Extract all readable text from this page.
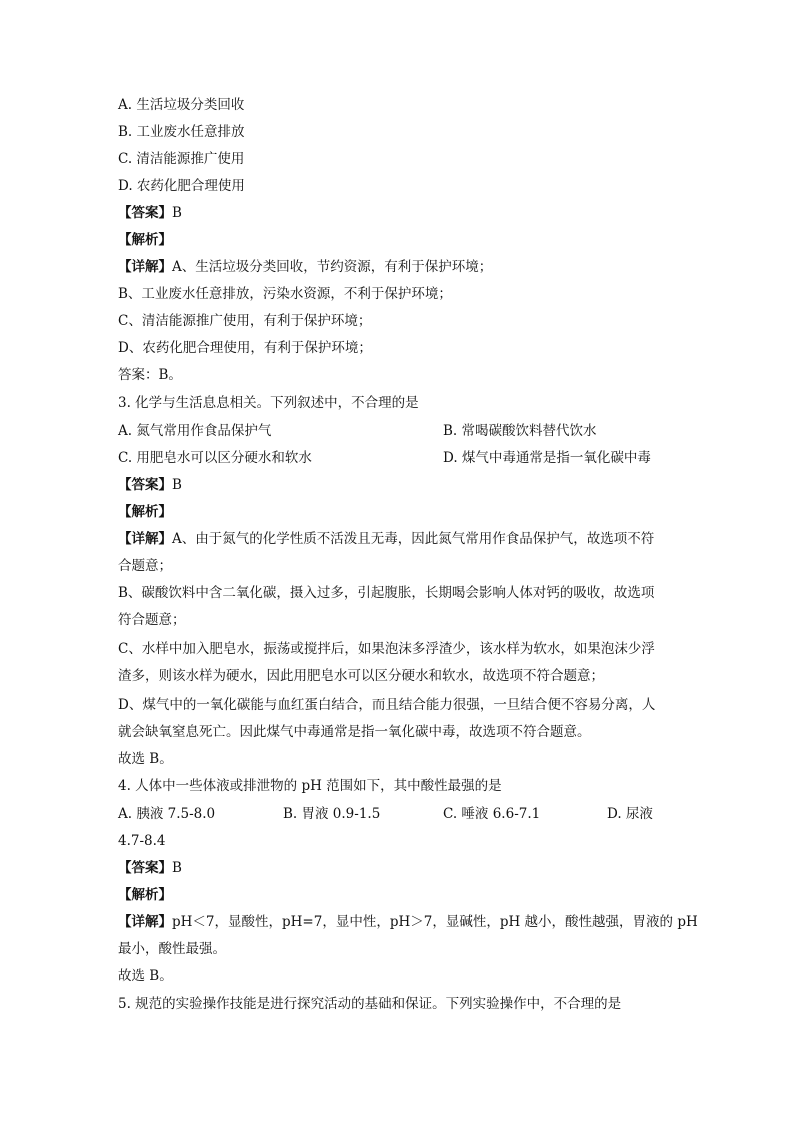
A. 生活垃圾分类回收
B. 工业废水任意排放
C. 清洁能源推广使用
D. 农药化肥合理使用
【答案】B
【解析】
【详解】A、生活垃圾分类回收，节约资源，有利于保护环境；
B、工业废水任意排放，污染水资源，不利于保护环境；
C、清洁能源推广使用，有利于保护环境；
D、农药化肥合理使用，有利于保护环境；
答案：B。
3. 化学与生活息息相关。下列叙述中，不合理的是
A. 氮气常用作食品保护气	B. 常喝碳酸饮料替代饮水
C. 用肥皂水可以区分硬水和软水	D. 煤气中毒通常是指一氧化碳中毒
【答案】B
【解析】
【详解】A、由于氮气的化学性质不活泼且无毒，因此氮气常用作食品保护气，故选项不符
合题意；
B、碳酸饮料中含二氧化碳，摄入过多，引起腹胀，长期喝会影响人体对钙的吸收，故选项
符合题意；
C、水样中加入肥皂水，振荡或搅拌后，如果泡沫多浮渣少，该水样为软水，如果泡沫少浮
渣多，则该水样为硬水，因此用肥皂水可以区分硬水和软水，故选项不符合题意；
D、煤气中的一氧化碳能与血红蛋白结合，而且结合能力很强，一旦结合便不容易分离，人
就会缺氧窒息死亡。因此煤气中毒通常是指一氧化碳中毒，故选项不符合题意。
故选 B。
4. 人体中一些体液或排泄物的 pH 范围如下，其中酸性最强的是
A. 胰液 7.5-8.0	B. 胃液 0.9-1.5	C. 唾液 6.6-7.1	D. 尿液
4.7-8.4
【答案】B
【解析】
【详解】pH＜7，显酸性，pH=7，显中性，pH＞7，显碱性，pH 越小，酸性越强，胃液的 pH
最小，酸性最强。
故选 B。
5. 规范的实验操作技能是进行探究活动的基础和保证。下列实验操作中，不合理的是
